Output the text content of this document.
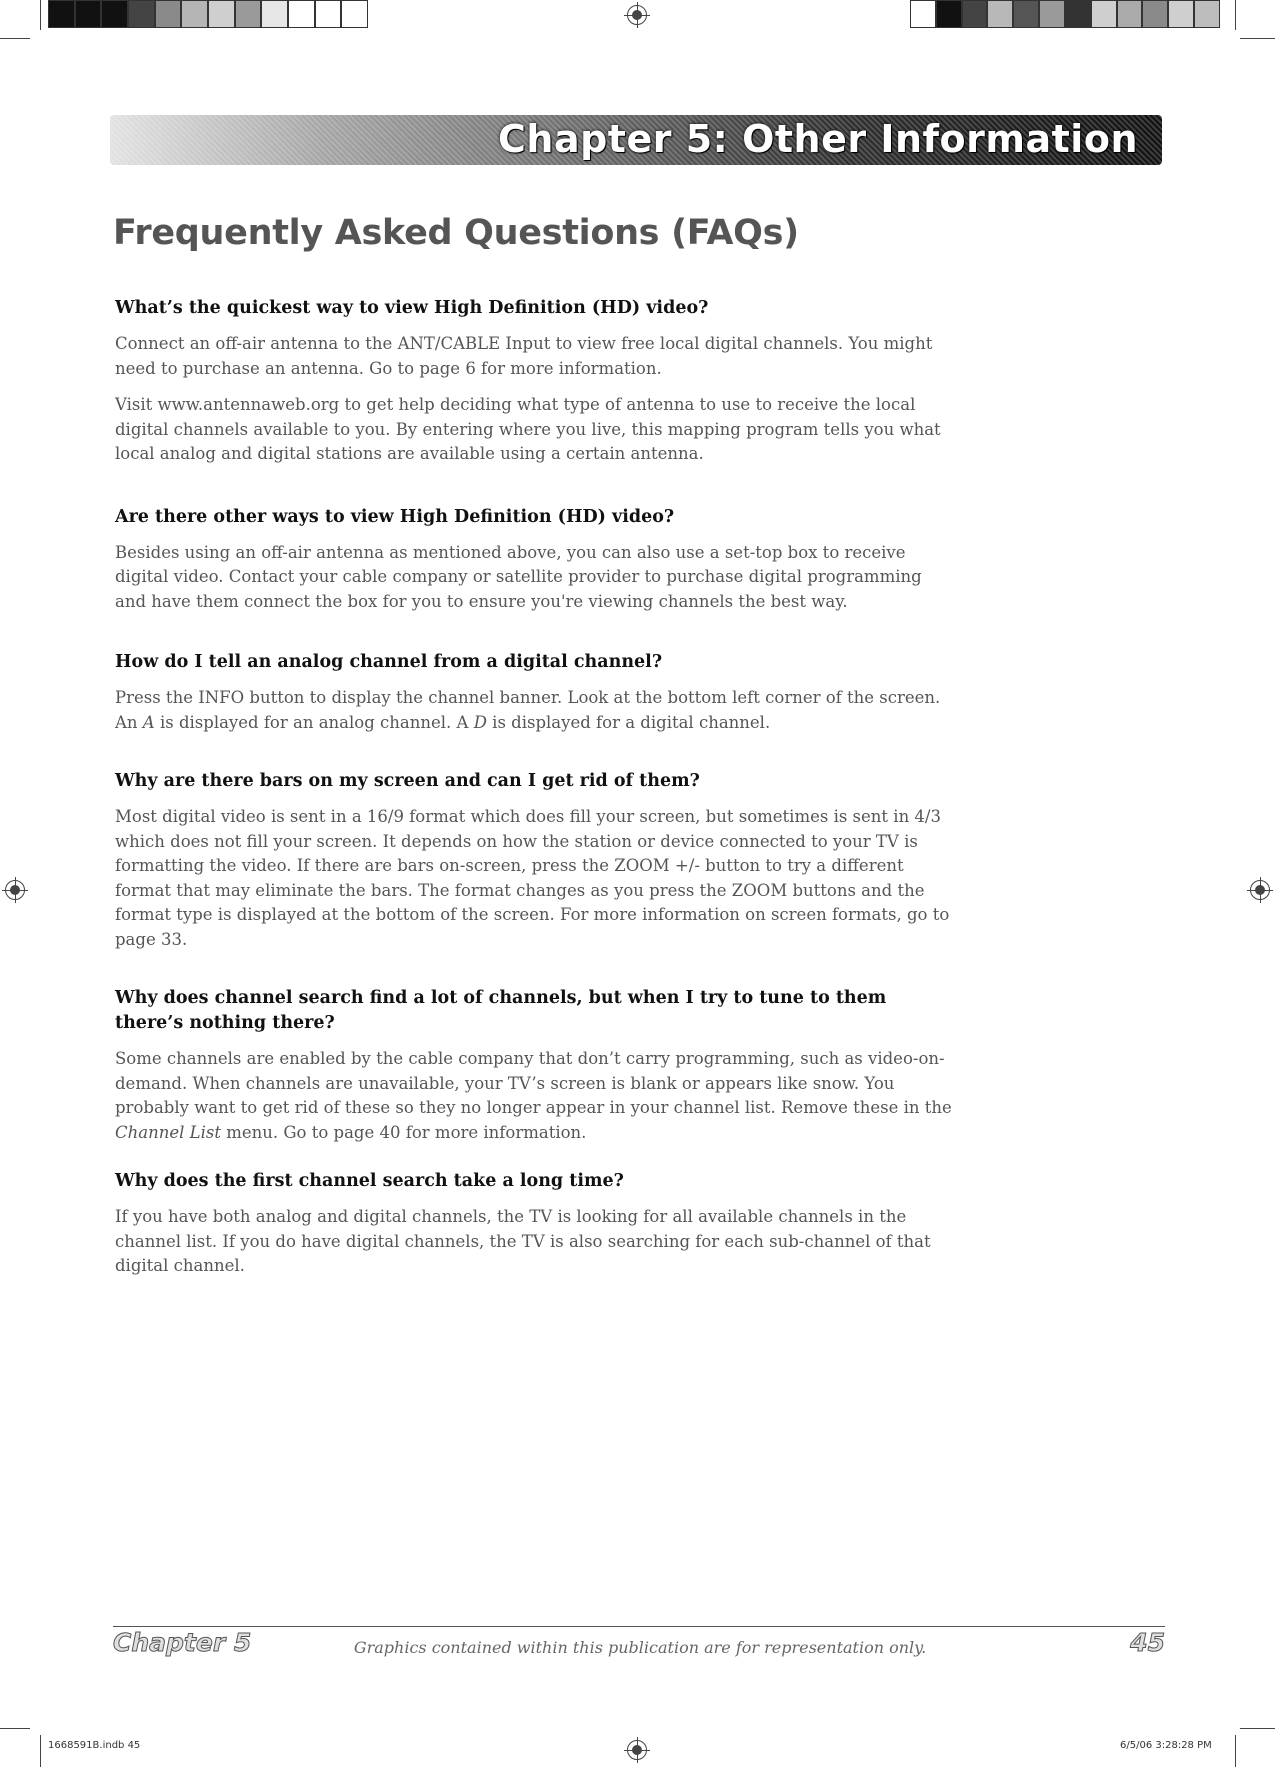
Chapter 5: Other Information
Frequently Asked Questions (FAQs)

What’s the quickest way to view High Definition (HD) video?

Connect an off-air antenna to the ANT/CABLE Input to view free local digital channels. You might need to purchase an antenna. Go to page 6 for more information.

Visit www.antennaweb.org to get help deciding what type of antenna to use to receive the local digital channels available to you. By entering where you live, this mapping program tells you what local analog and digital stations are available using a certain antenna.

Are there other ways to view High Definition (HD) video?

Besides using an off-air antenna as mentioned above, you can also use a set-top box to receive digital video. Contact your cable company or satellite provider to purchase digital programming and have them connect the box for you to ensure you're viewing channels the best way.

How do I tell an analog channel from a digital channel?

Press the INFO button to display the channel banner. Look at the bottom left corner of the screen. An A is displayed for an analog channel. A D is displayed for a digital channel.

Why are there bars on my screen and can I get rid of them?

Most digital video is sent in a 16/9 format which does fill your screen, but sometimes is sent in 4/3 which does not fill your screen. It depends on how the station or device connected to your TV is formatting the video. If there are bars on-screen, press the ZOOM +/- button to try a different format that may eliminate the bars. The format changes as you press the ZOOM buttons and the format type is displayed at the bottom of the screen. For more information on screen formats, go to page 33.

Why does channel search find a lot of channels, but when I try to tune to them there’s nothing there?

Some channels are enabled by the cable company that don’t carry programming, such as video-on-demand. When channels are unavailable, your TV’s screen is blank or appears like snow. You probably want to get rid of these so they no longer appear in your channel list. Remove these in the Channel List menu. Go to page 40 for more information.

Why does the first channel search take a long time?

If you have both analog and digital channels, the TV is looking for all available channels in the channel list. If you do have digital channels, the TV is also searching for each sub-channel of that digital channel.

Chapter 5	Graphics contained within this publication are for representation only.	45
1668591B.indb 45	6/5/06 3:28:28 PM
